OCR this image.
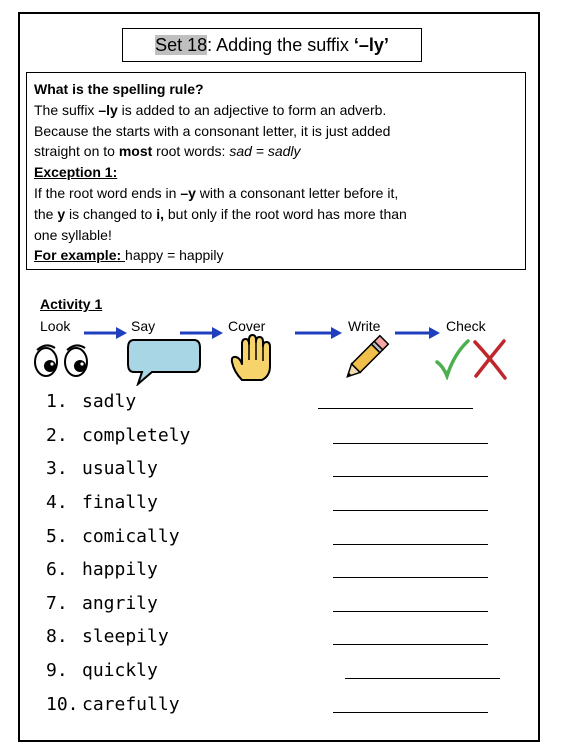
Set 18: Adding the suffix ‘–ly’

What is the spelling rule?

The suffix –ly is added to an adjective to form an adverb.

Because the starts with a consonant letter, it is just added

straight on to most root words: sad = sadly

Exception 1:

If the root word ends in –y with a consonant letter before it,

the y is changed to i, but only if the root word has more than

one syllable!

For example: happy = happily

Activity 1
Look	Say	Cover	Write	Check
1. sadly
2. completely
3. usually
4. finally
5. comically
6. happily
7. angrily
8. sleepily
9. quickly
10. carefully
